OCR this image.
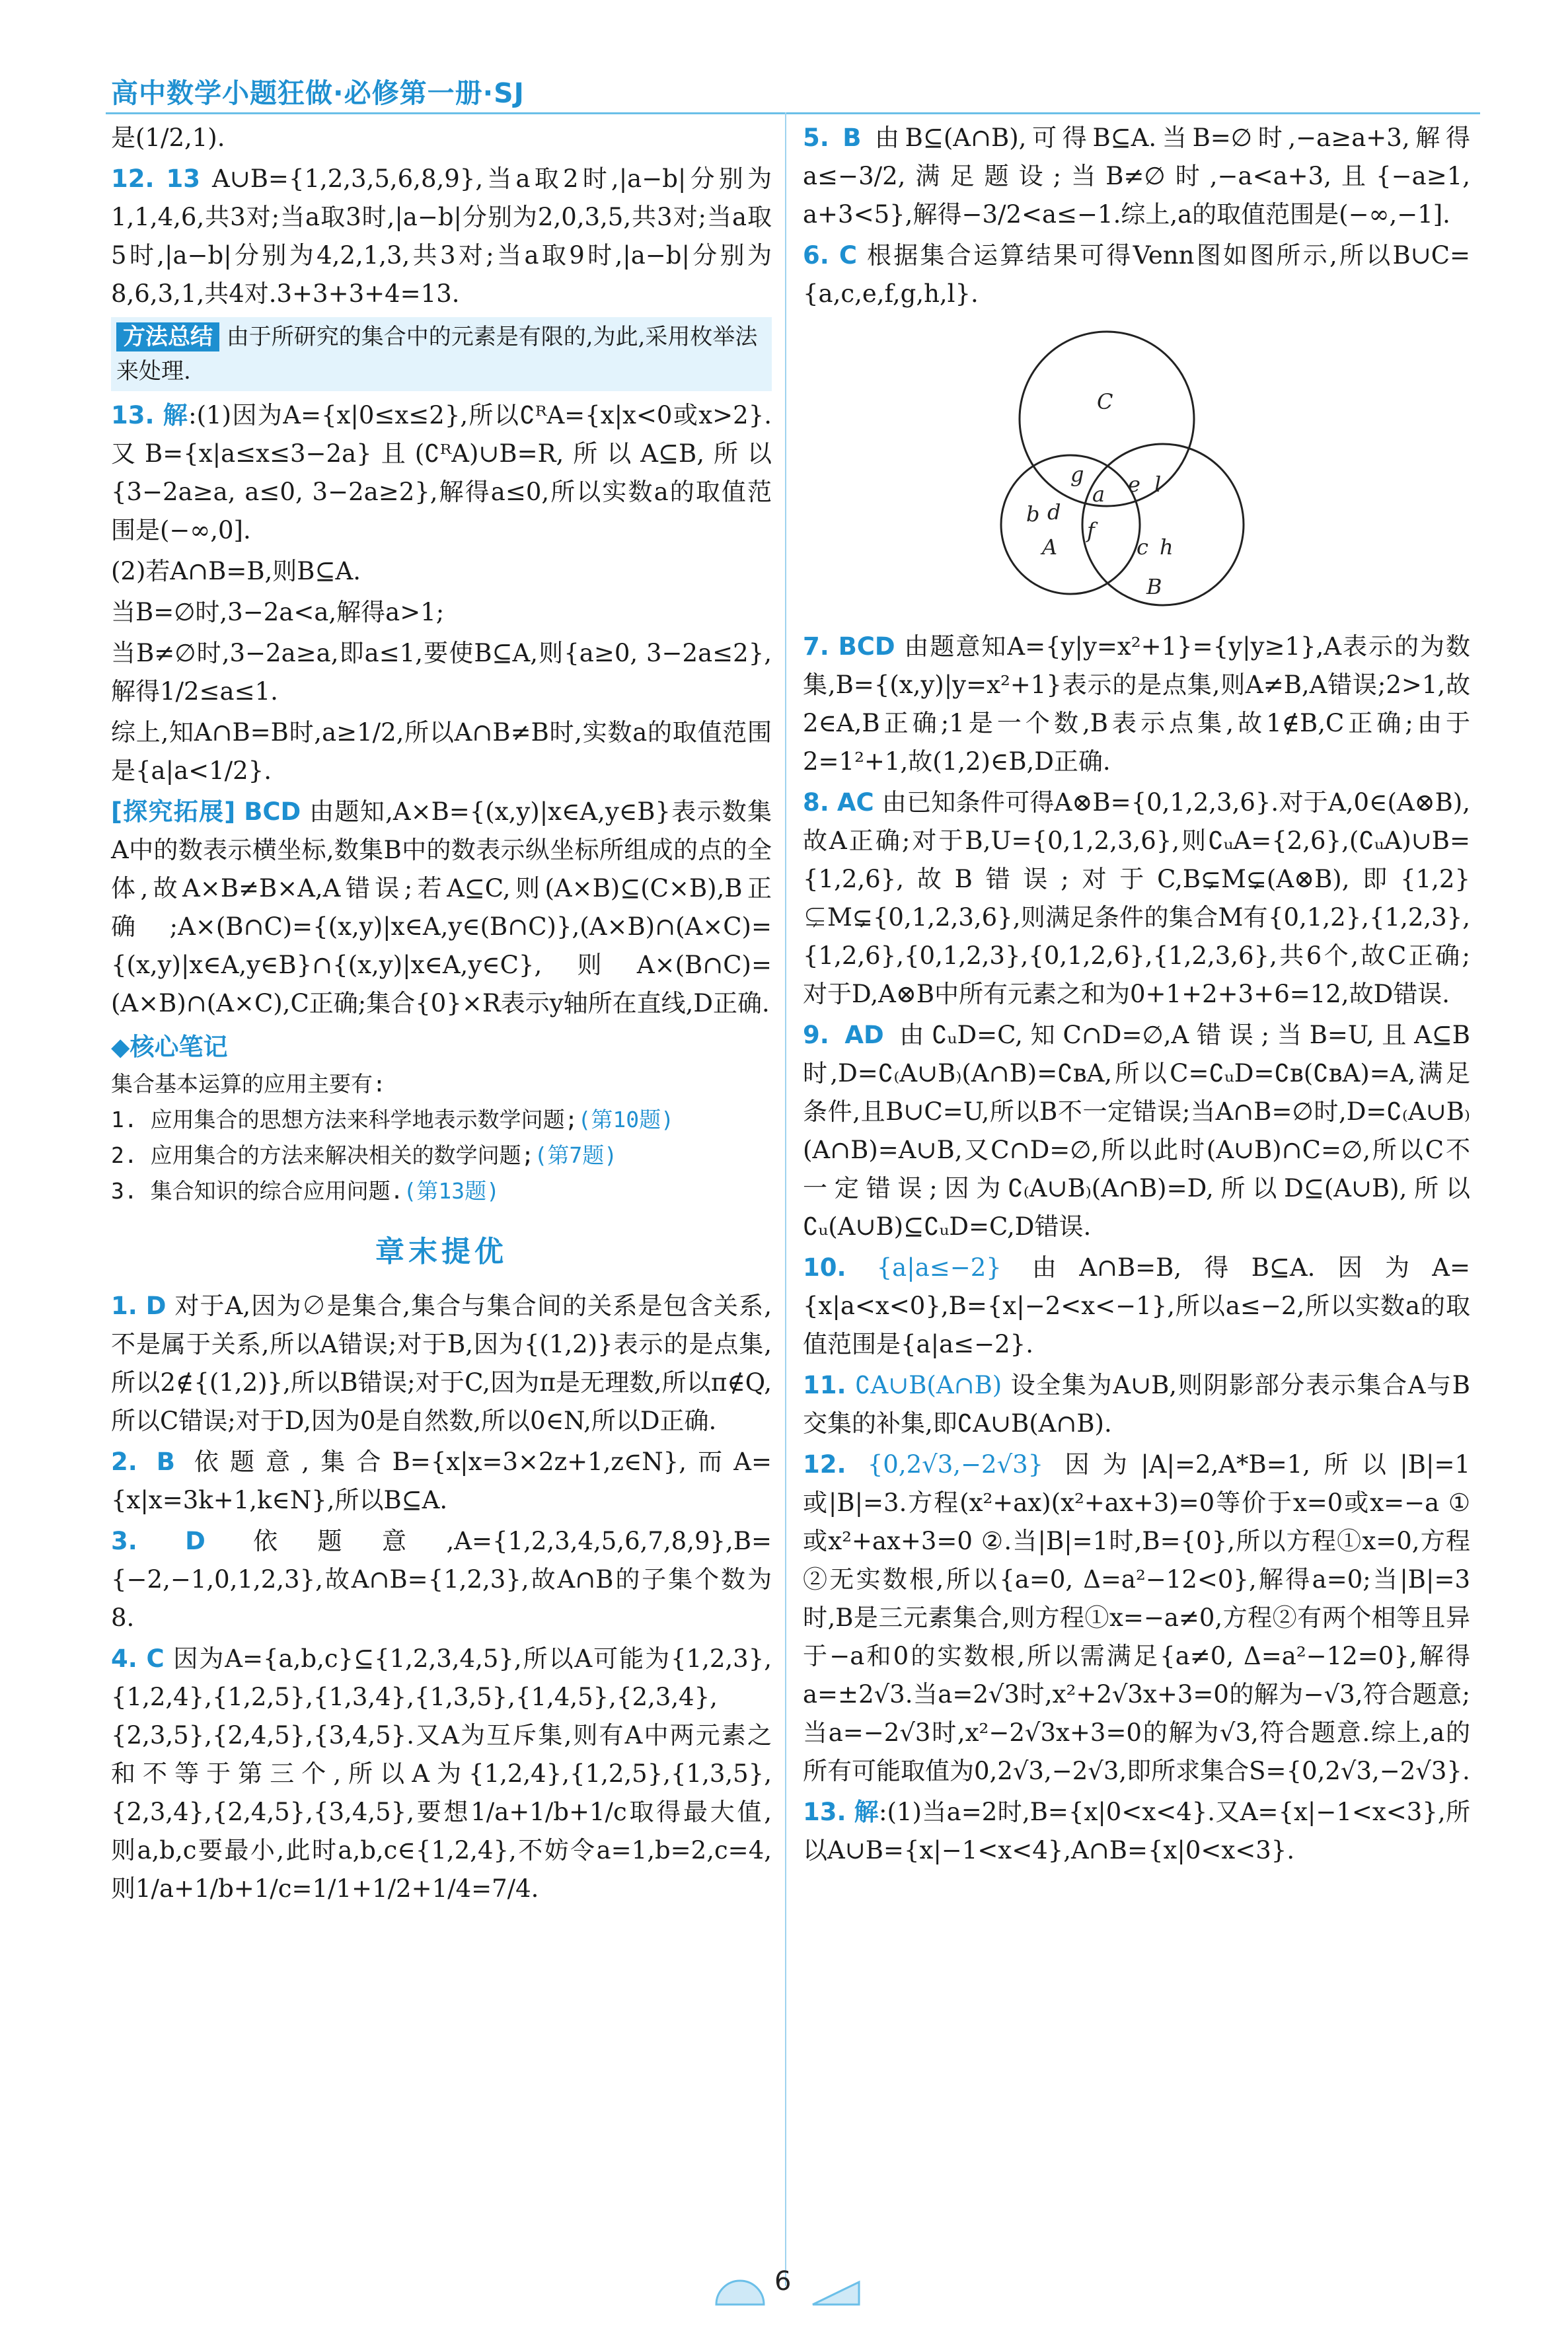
高中数学小题狂做·必修第一册·SJ

是(1/2,1).

12. 13 A∪B={1,2,3,5,6,8,9},当a取2时,|a−b|分别为1,1,4,6,共3对;当a取3时,|a−b|分别为2,0,3,5,共3对;当a取5时,|a−b|分别为4,2,1,3,共3对;当a取9时,|a−b|分别为8,6,3,1,共4对.3+3+3+4=13.

方法总结 由于所研究的集合中的元素是有限的,为此,采用枚举法来处理.

13. 解:(1)因为A={x|0≤x≤2},所以∁ᴿA={x|x<0或x>2}.又B={x|a≤x≤3−2a}且(∁ᴿA)∪B=R,所以A⊆B,所以{3−2a≥a, a≤0, 3−2a≥2},解得a≤0,所以实数a的取值范围是(−∞,0].

(2)若A∩B=B,则B⊆A.

当B=∅时,3−2a<a,解得a>1;

当B≠∅时,3−2a≥a,即a≤1,要使B⊆A,则{a≥0, 3−2a≤2},解得1/2≤a≤1.

综上,知A∩B=B时,a≥1/2,所以A∩B≠B时,实数a的取值范围是{a|a<1/2}.

[探究拓展] BCD 由题知,A×B={(x,y)|x∈A,y∈B}表示数集A中的数表示横坐标,数集B中的数表示纵坐标所组成的点的全体,故A×B≠B×A,A错误;若A⊆C,则(A×B)⊆(C×B),B正确;A×(B∩C)={(x,y)|x∈A,y∈(B∩C)},(A×B)∩(A×C)={(x,y)|x∈A,y∈B}∩{(x,y)|x∈A,y∈C},则A×(B∩C)=(A×B)∩(A×C),C正确;集合{0}×R表示y轴所在直线,D正确.

◆核心笔记
集合基本运算的应用主要有:
1. 应用集合的思想方法来科学地表示数学问题;(第10题)
2. 应用集合的方法来解决相关的数学问题;(第7题)
3. 集合知识的综合应用问题.(第13题)
章末提优

1. D 对于A,因为∅是集合,集合与集合间的关系是包含关系,不是属于关系,所以A错误;对于B,因为{(1,2)}表示的是点集,所以2∉{(1,2)},所以B错误;对于C,因为π是无理数,所以π∉Q,所以C错误;对于D,因为0是自然数,所以0∈N,所以D正确.

2. B 依题意,集合B={x|x=3×2z+1,z∈N},而A={x|x=3k+1,k∈N},所以B⊆A.

3. D 依题意,A={1,2,3,4,5,6,7,8,9},B={−2,−1,0,1,2,3},故A∩B={1,2,3},故A∩B的子集个数为8.

4. C 因为A={a,b,c}⊆{1,2,3,4,5},所以A可能为{1,2,3},{1,2,4},{1,2,5},{1,3,4},{1,3,5},{1,4,5},{2,3,4},{2,3,5},{2,4,5},{3,4,5}.又A为互斥集,则有A中两元素之和不等于第三个,所以A为{1,2,4},{1,2,5},{1,3,5},{2,3,4},{2,4,5},{3,4,5},要想1/a+1/b+1/c取得最大值,则a,b,c要最小,此时a,b,c∈{1,2,4},不妨令a=1,b=2,c=4,则1/a+1/b+1/c=1/1+1/2+1/4=7/4.

5. B 由B⊆(A∩B),可得B⊆A.当B=∅时,−a≥a+3,解得a≤−3/2,满足题设;当B≠∅时,−a<a+3,且{−a≥1, a+3<5},解得−3/2<a≤−1.综上,a的取值范围是(−∞,−1].

6. C 根据集合运算结果可得Venn图如图所示,所以B∪C={a,c,e,f,g,h,l}.

C
g
a e l
b d
f
A	c h
B

7. BCD 由题意知A={y|y=x²+1}={y|y≥1},A表示的为数集,B={(x,y)|y=x²+1}表示的是点集,则A≠B,A错误;2>1,故2∈A,B正确;1是一个数,B表示点集,故1∉B,C正确;由于2=1²+1,故(1,2)∈B,D正确.

8. AC 由已知条件可得A⊗B={0,1,2,3,6}.对于A,0∈(A⊗B),故A正确;对于B,U={0,1,2,3,6},则∁ᵤA={2,6},(∁ᵤA)∪B={1,2,6},故B错误;对于C,B⊊M⊊(A⊗B),即{1,2}⊊M⊊{0,1,2,3,6},则满足条件的集合M有{0,1,2},{1,2,3},{1,2,6},{0,1,2,3},{0,1,2,6},{1,2,3,6},共6个,故C正确;对于D,A⊗B中所有元素之和为0+1+2+3+6=12,故D错误.

9. AD 由∁ᵤD=C,知C∩D=∅,A错误;当B=U,且A⊆B时,D=∁₍A∪B₎(A∩B)=∁ʙA,所以C=∁ᵤD=∁ʙ(∁ʙA)=A,满足条件,且B∪C=U,所以B不一定错误;当A∩B=∅时,D=∁₍A∪B₎(A∩B)=A∪B,又C∩D=∅,所以此时(A∪B)∩C=∅,所以C不一定错误;因为∁₍A∪B₎(A∩B)=D,所以D⊆(A∪B),所以∁ᵤ(A∪B)⊆∁ᵤD=C,D错误.

10. {a|a≤−2} 由A∩B=B,得B⊆A.因为A={x|a<x<0},B={x|−2<x<−1},所以a≤−2,所以实数a的取值范围是{a|a≤−2}.

11. ∁A∪B(A∩B) 设全集为A∪B,则阴影部分表示集合A与B交集的补集,即∁A∪B(A∩B).

12. {0,2√3,−2√3} 因为|A|=2,A*B=1,所以|B|=1或|B|=3.方程(x²+ax)(x²+ax+3)=0等价于x=0或x=−a ①或x²+ax+3=0 ②.当|B|=1时,B={0},所以方程①x=0,方程②无实数根,所以{a=0, Δ=a²−12<0},解得a=0;当|B|=3时,B是三元素集合,则方程①x=−a≠0,方程②有两个相等且异于−a和0的实数根,所以需满足{a≠0, Δ=a²−12=0},解得a=±2√3.当a=2√3时,x²+2√3x+3=0的解为−√3,符合题意;当a=−2√3时,x²−2√3x+3=0的解为√3,符合题意.综上,a的所有可能取值为0,2√3,−2√3,即所求集合S={0,2√3,−2√3}.

13. 解:(1)当a=2时,B={x|0<x<4}.又A={x|−1<x<3},所以A∪B={x|−1<x<4},A∩B={x|0<x<3}.

6
